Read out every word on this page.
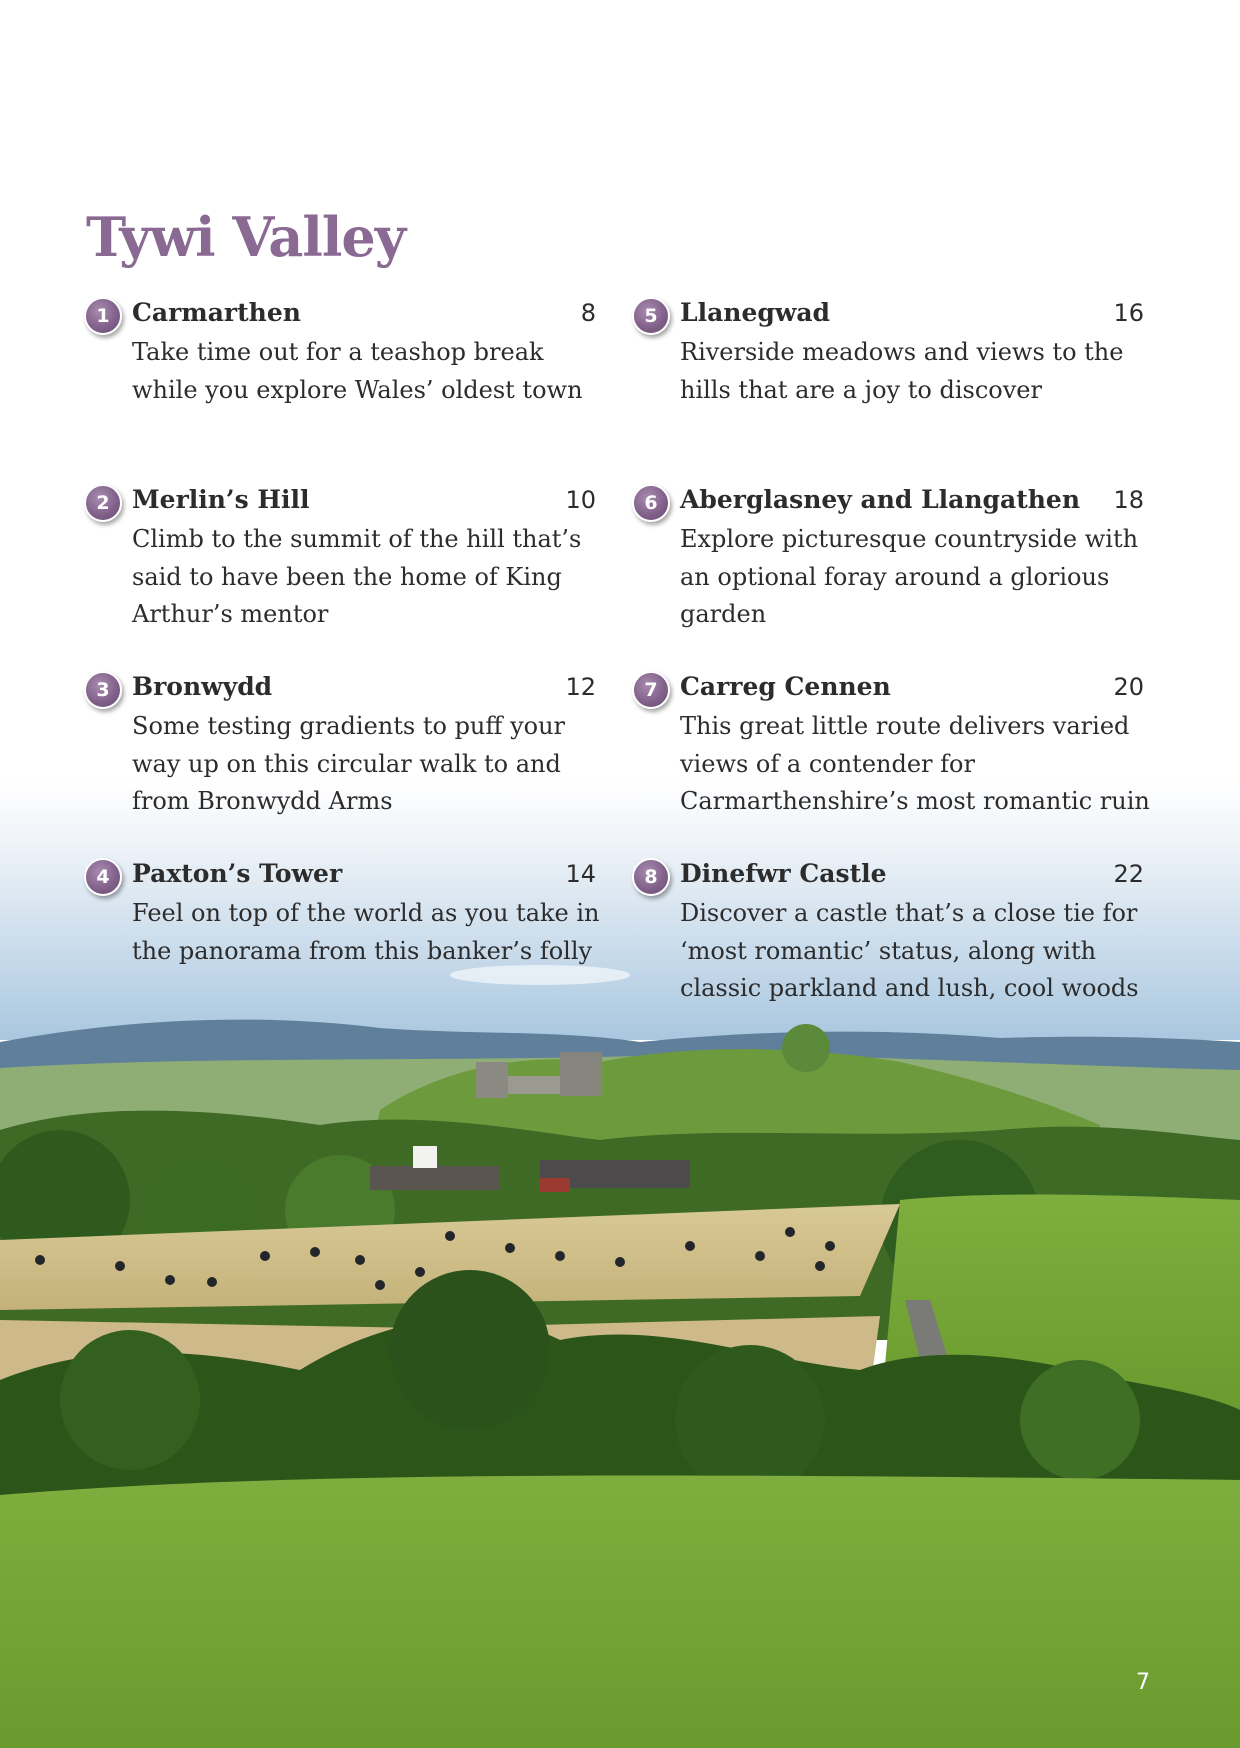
Tywi Valley
1 Carmarthen	8

Take time out for a teashop break while you explore Wales’ oldest town

2 Merlin’s Hill	10

Climb to the summit of the hill that’s said to have been the home of King Arthur’s mentor

3 Bronwydd	12

Some testing gradients to puff your way up on this circular walk to and from Bronwydd Arms

4 Paxton’s Tower	14

Feel on top of the world as you take in the panorama from this banker’s folly

5 Llanegwad	16

Riverside meadows and views to the hills that are a joy to discover

6 Aberglasney and Llangathen 18

Explore picturesque countryside with an optional foray around a glorious garden

7 Carreg Cennen	20

This great little route delivers varied views of a contender for Carmarthenshire’s most romantic ruin

8 Dinefwr Castle	22

Discover a castle that’s a close tie for ‘most romantic’ status, along with classic parkland and lush, cool woods

7
